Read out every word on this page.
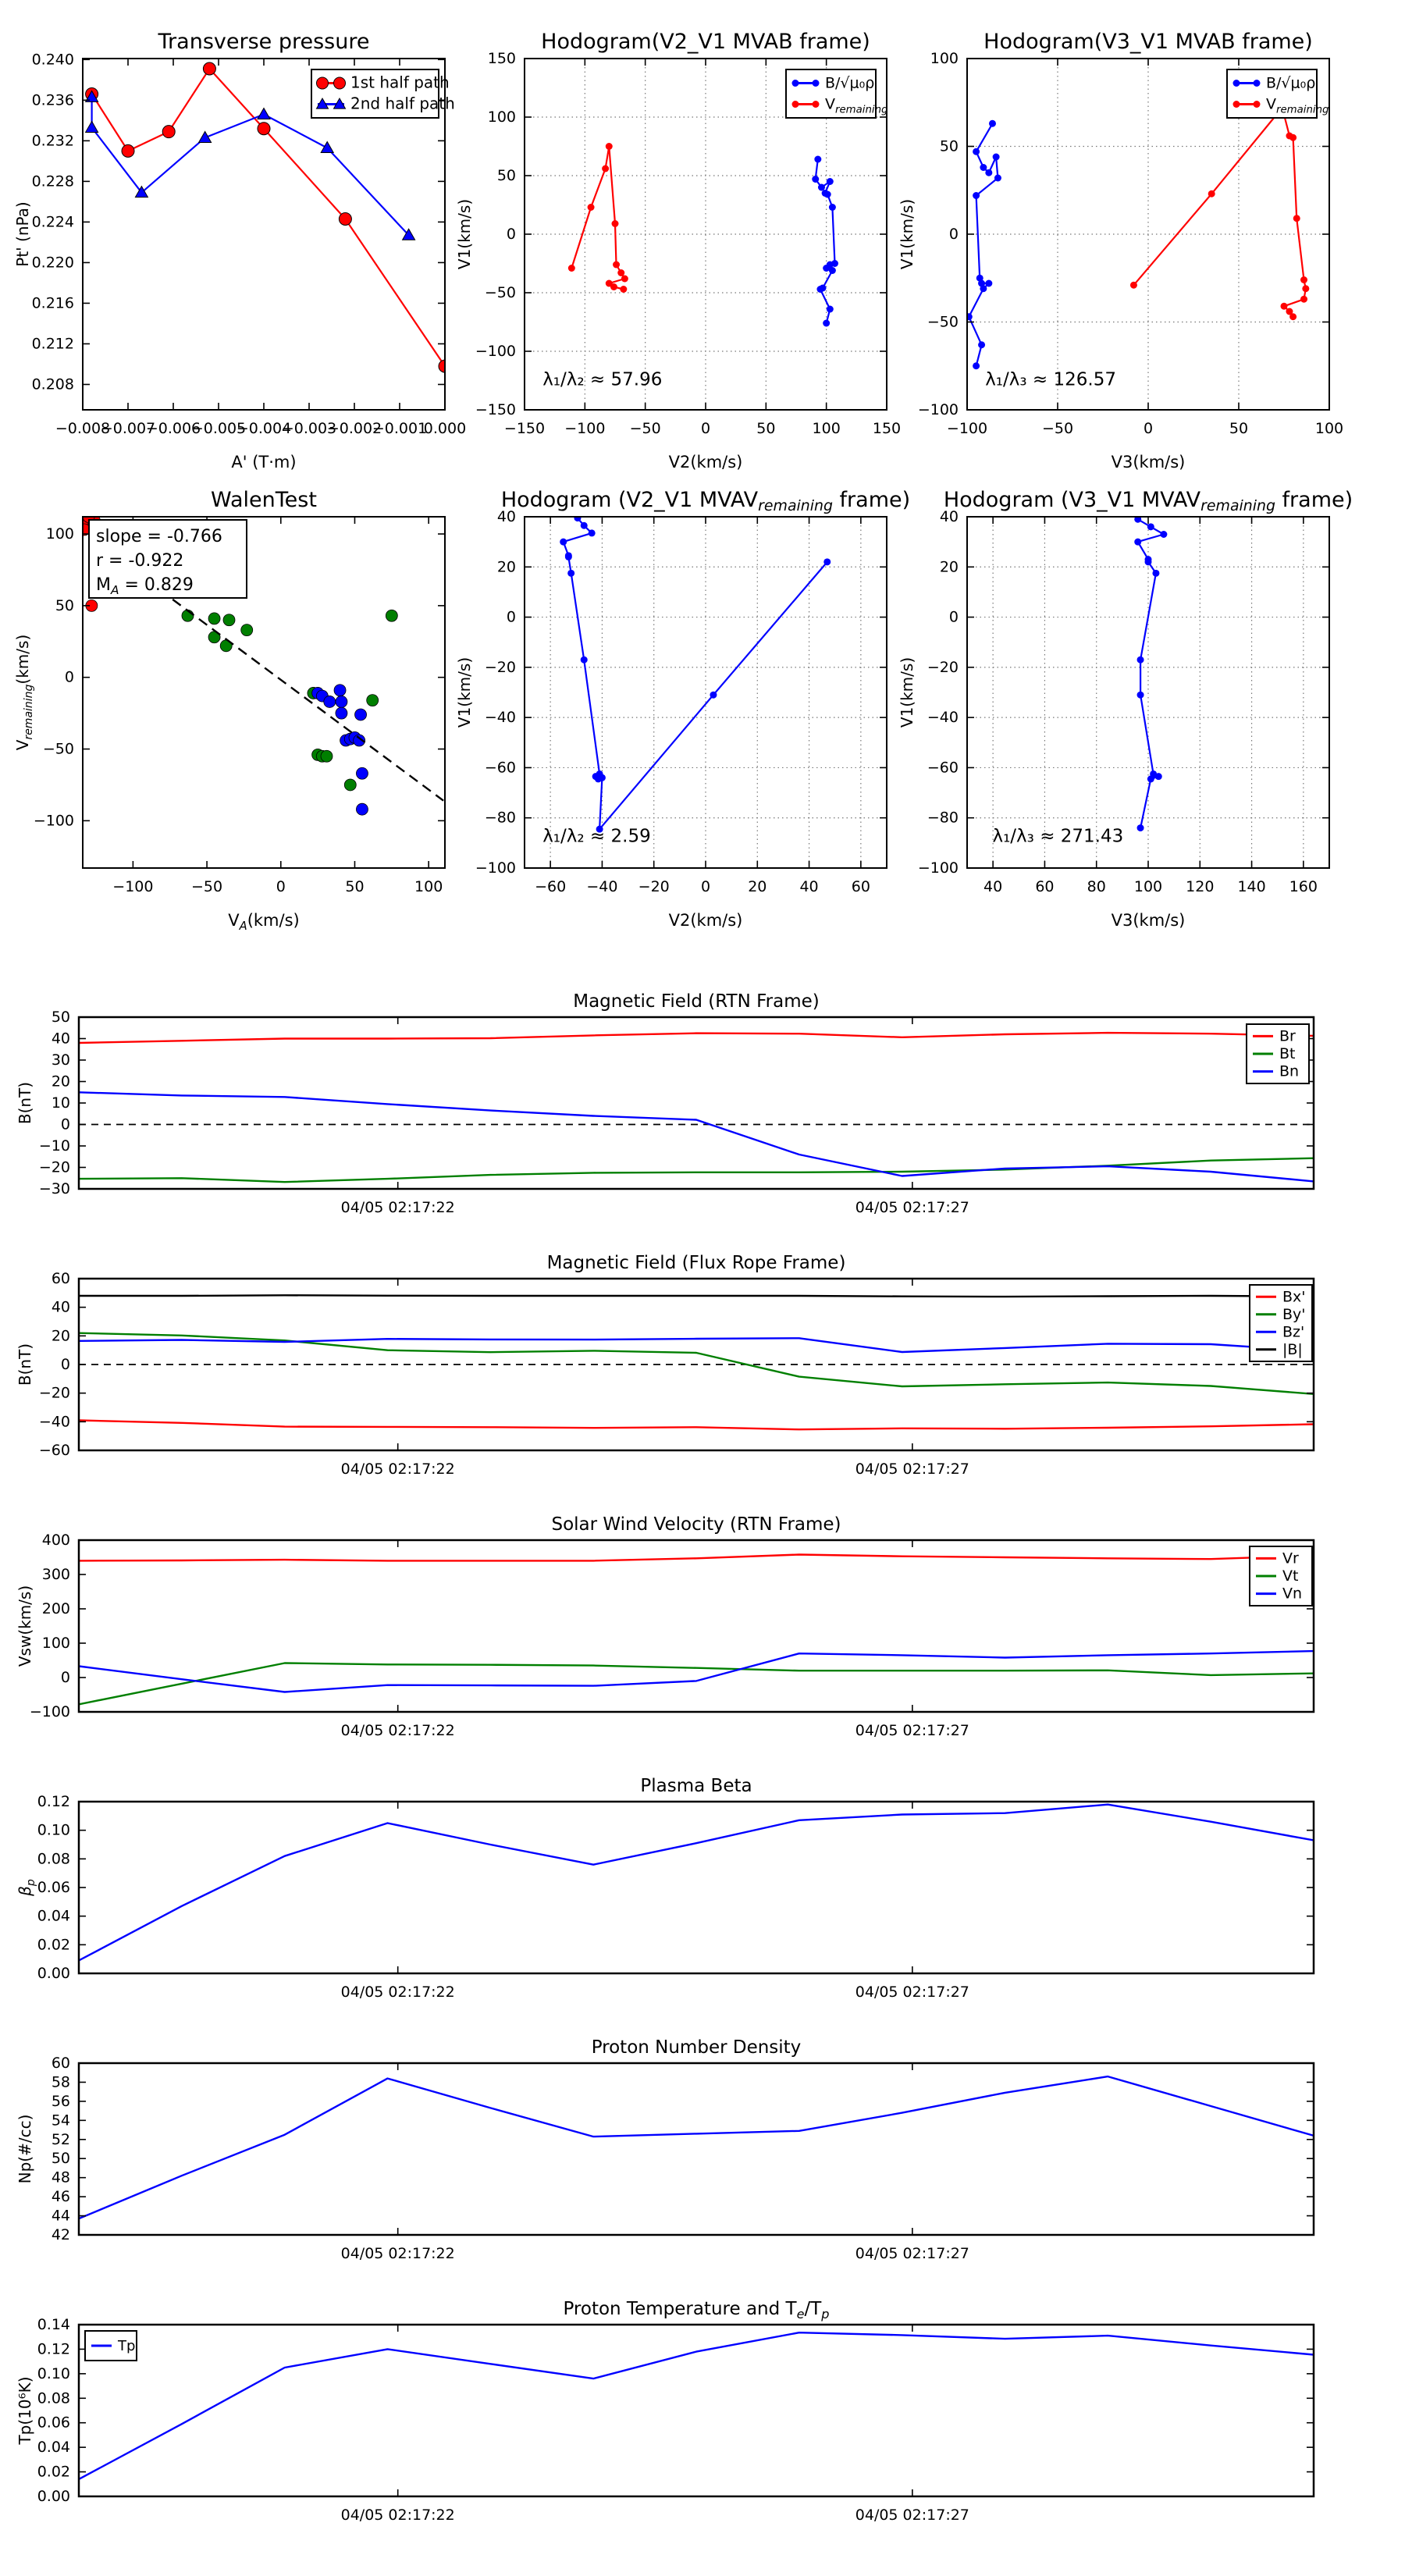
−0.008
−0.007
−0.006
−0.005
−0.004
−0.003
−0.002
−0.001
0.000
0.208
0.212
0.216
0.220
0.224
0.228
0.232
0.236
0.240
Transverse pressure
A' (T·m)
Pt' (nPa)
1st half path
2nd half path
−150 −100 −50	0	50 100 150
−150
−100
−50
0
50
100
150
Hodogram(V2_V1 MVAB frame)
V2(km/s)
V1(km/s)
λ₁/λ₂ ≈ 57.96
B/√μ₀ρ
$V_{remaining}$
−100	−50	0	50	100
−100
−50
0
50
100
Hodogram(V3_V1 MVAB frame)
V3(km/s)
V1(km/s)
λ₁/λ₃ ≈ 126.57
B/√μ₀ρ
$V_{remaining}$
−100	−50	0	50	100
−100
−50
0
50
100
WalenTest
$V_A(km/s)$
$V_{remaining}(km/s)$
slope = -0.766
r = -0.922
$M_A = 0.829$
−60 −40 −20 0	20 40 60
−100
−80
−60
−40
−20
0
20
40
Hodogram (V2_V1 MVAVremaining frame)
V2(km/s)
V1(km/s)
λ₁/λ₂ ≈ 2.59
40 60 80 100 120 140 160
−100
−80
−60
−40
−20
0
20
40
Hodogram (V3_V1 MVAVremaining frame)
V3(km/s)
V1(km/s)
λ₁/λ₃ ≈ 271.43
04/05 02:17:22	04/05 02:17:27
−30
−20
−10
0
10
20
30
40
50
Magnetic Field (RTN Frame)
B(nT)
Br
Bt
Bn
04/05 02:17:22	04/05 02:17:27
−60
−40
−20
0
20
40
60
Magnetic Field (Flux Rope Frame)
B(nT)
Bx'
By'
Bz'
|B|
04/05 02:17:22	04/05 02:17:27
−100
0
100
200
300
400
Solar Wind Velocity (RTN Frame)
Vsw(km/s)
Vr
Vt
Vn
04/05 02:17:22	04/05 02:17:27
0.00
0.02
0.04
0.06
0.08
0.10
0.12
Plasma Beta
$\beta_p$
04/05 02:17:22	04/05 02:17:27
42
44
46
48
50
52
54
56
58
60
Proton Number Density
Np(#/cc)
04/05 02:17:22	04/05 02:17:27
0.00
0.02
0.04
0.06
0.08
0.10
0.12
0.14
Proton Temperature and $T_e/T_p$
Tp(10⁶K)
Tp
